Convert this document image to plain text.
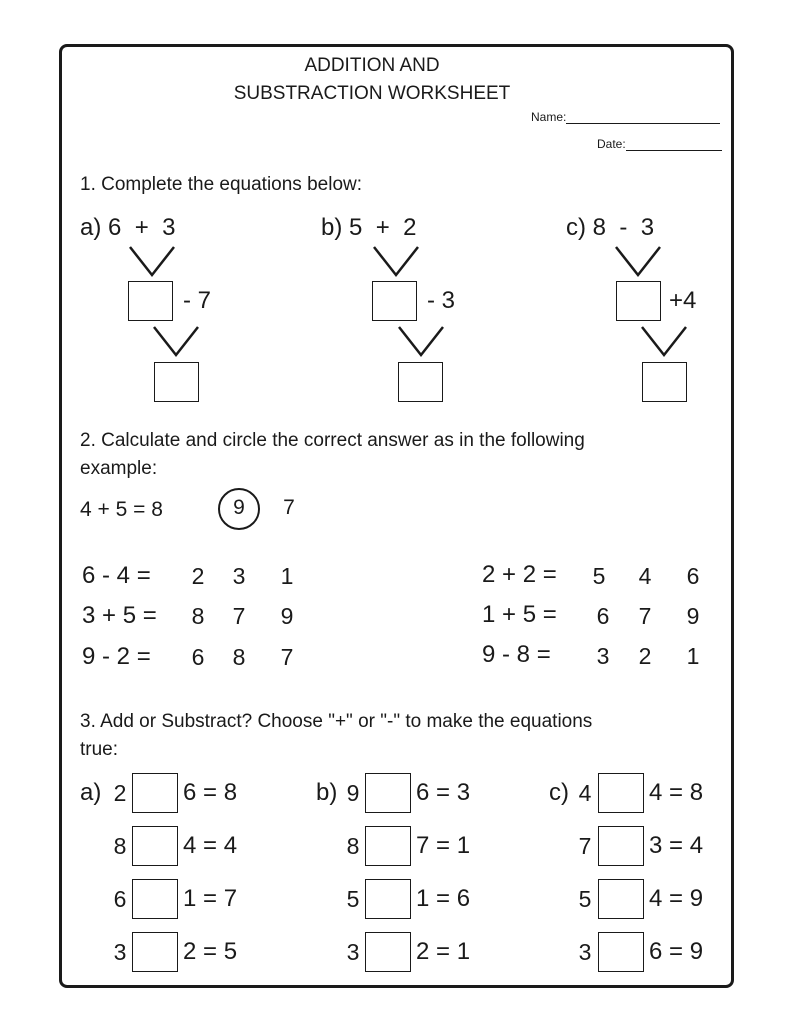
ADDITION AND
SUBSTRACTION WORKSHEET
Name:
Date:
1. Complete the equations below:
a) 6 + 3
- 7
b) 5 + 2
- 3
c) 8 - 3
+4
2. Calculate and circle the correct answer as in the following
example:
4 + 5 = 8	9 7
6 - 4 = 2 3 1
3 + 5 = 8 7 9
9 - 2 = 6 8 7
2 + 2 = 5 4 6
1 + 5 = 6 7 9
9 - 8 = 3 2 1
3. Add or Substract? Choose "+" or "-" to make the equations
true:
a) 2 6 = 8
8 4 = 4
6 1 = 7
3 2 = 5
b) 9 6 = 3
8 7 = 1
5 1 = 6
3 2 = 1
c) 4 4 = 8
7 3 = 4
5 4 = 9
3 6 = 9
